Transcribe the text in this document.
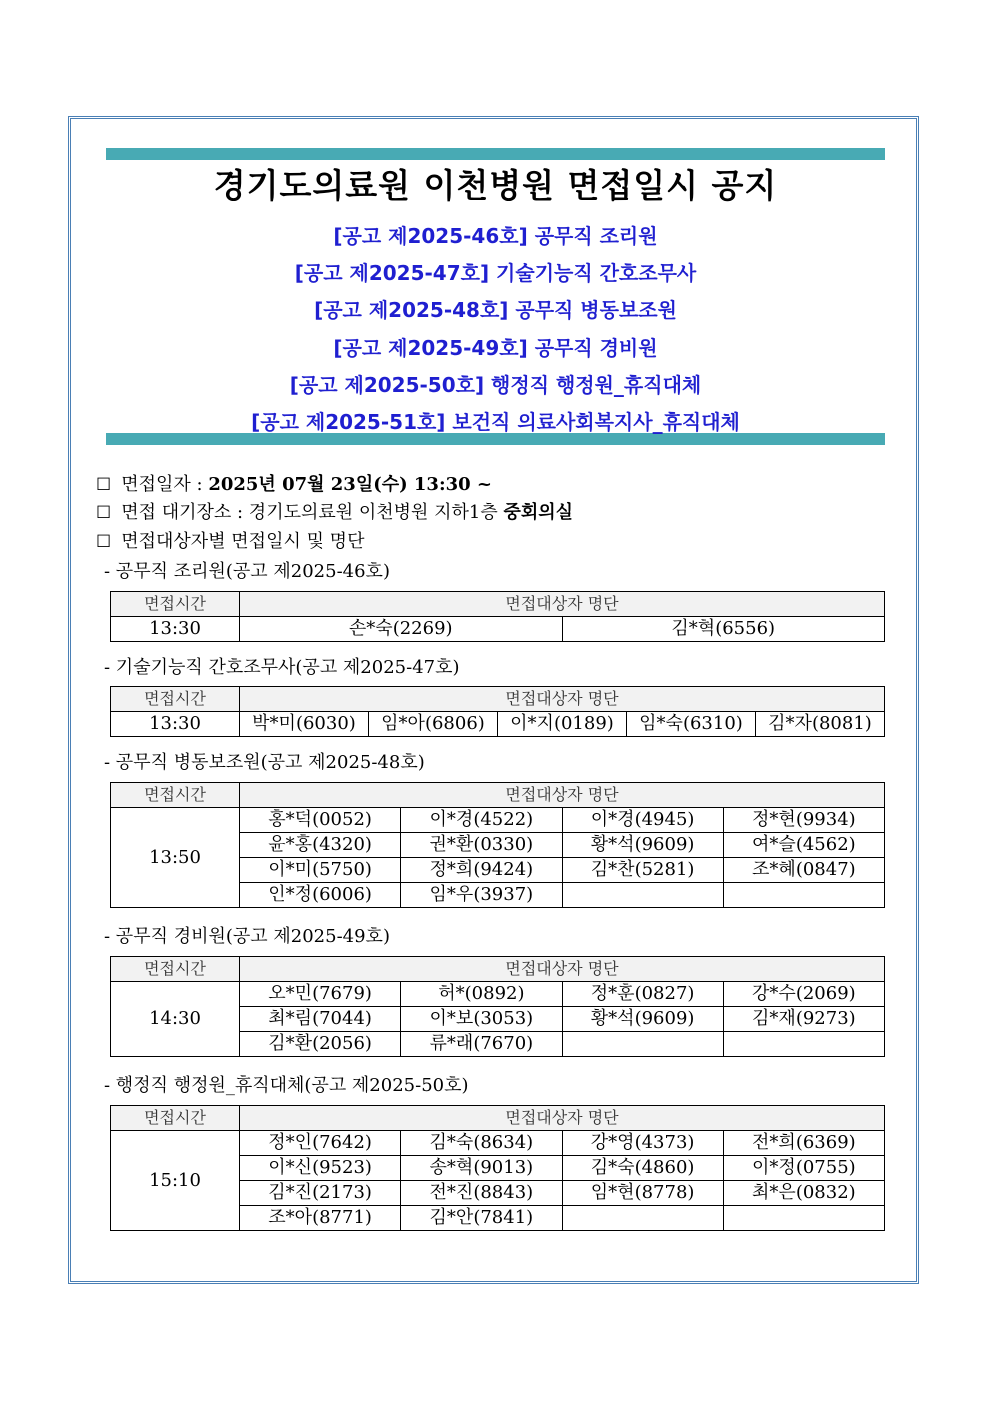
경기도의료원 이천병원 면접일시 공지
[공고 제2025-46호] 공무직 조리원
[공고 제2025-47호] 기술기능직 간호조무사
[공고 제2025-48호] 공무직 병동보조원
[공고 제2025-49호] 공무직 경비원
[공고 제2025-50호] 행정직 행정원_휴직대체
[공고 제2025-51호] 보건직 의료사회복지사_휴직대체
☐ 면접일자 : 2025년 07월 23일(수) 13:30 ~
☐ 면접 대기장소 : 경기도의료원 이천병원 지하1층 중회의실
☐ 면접대상자별 면접일시 및 명단
- 공무직 조리원(공고 제2025-46호)
면접시간	면접대상자 명단	
13:30	손*숙(2269)	김*혁(6556)
- 기술기능직 간호조무사(공고 제2025-47호)
면접시간	면접대상자 명단				
13:30	박*미(6030)	임*아(6806)	이*지(0189)	임*숙(6310)	김*자(8081)
- 공무직 병동보조원(공고 제2025-48호)
면접시간	면접대상자 명단			
13:50	홍*덕(0052)	이*경(4522)	이*경(4945)	정*현(9934)
	윤*홍(4320)	권*환(0330)	황*석(9609)	여*슬(4562)
	이*미(5750)	정*희(9424)	김*찬(5281)	조*혜(0847)
	인*정(6006)	임*우(3937)		
- 공무직 경비원(공고 제2025-49호)
면접시간	면접대상자 명단			
14:30	오*민(7679)	허*(0892)	정*훈(0827)	강*수(2069)
	최*림(7044)	이*보(3053)	황*석(9609)	김*재(9273)
	김*환(2056)	류*래(7670)		
- 행정직 행정원_휴직대체(공고 제2025-50호)
면접시간	면접대상자 명단			
15:10	정*인(7642)	김*숙(8634)	강*영(4373)	전*희(6369)
	이*신(9523)	송*혁(9013)	김*숙(4860)	이*정(0755)
	김*진(2173)	전*진(8843)	임*현(8778)	최*은(0832)
	조*아(8771)	김*안(7841)		
